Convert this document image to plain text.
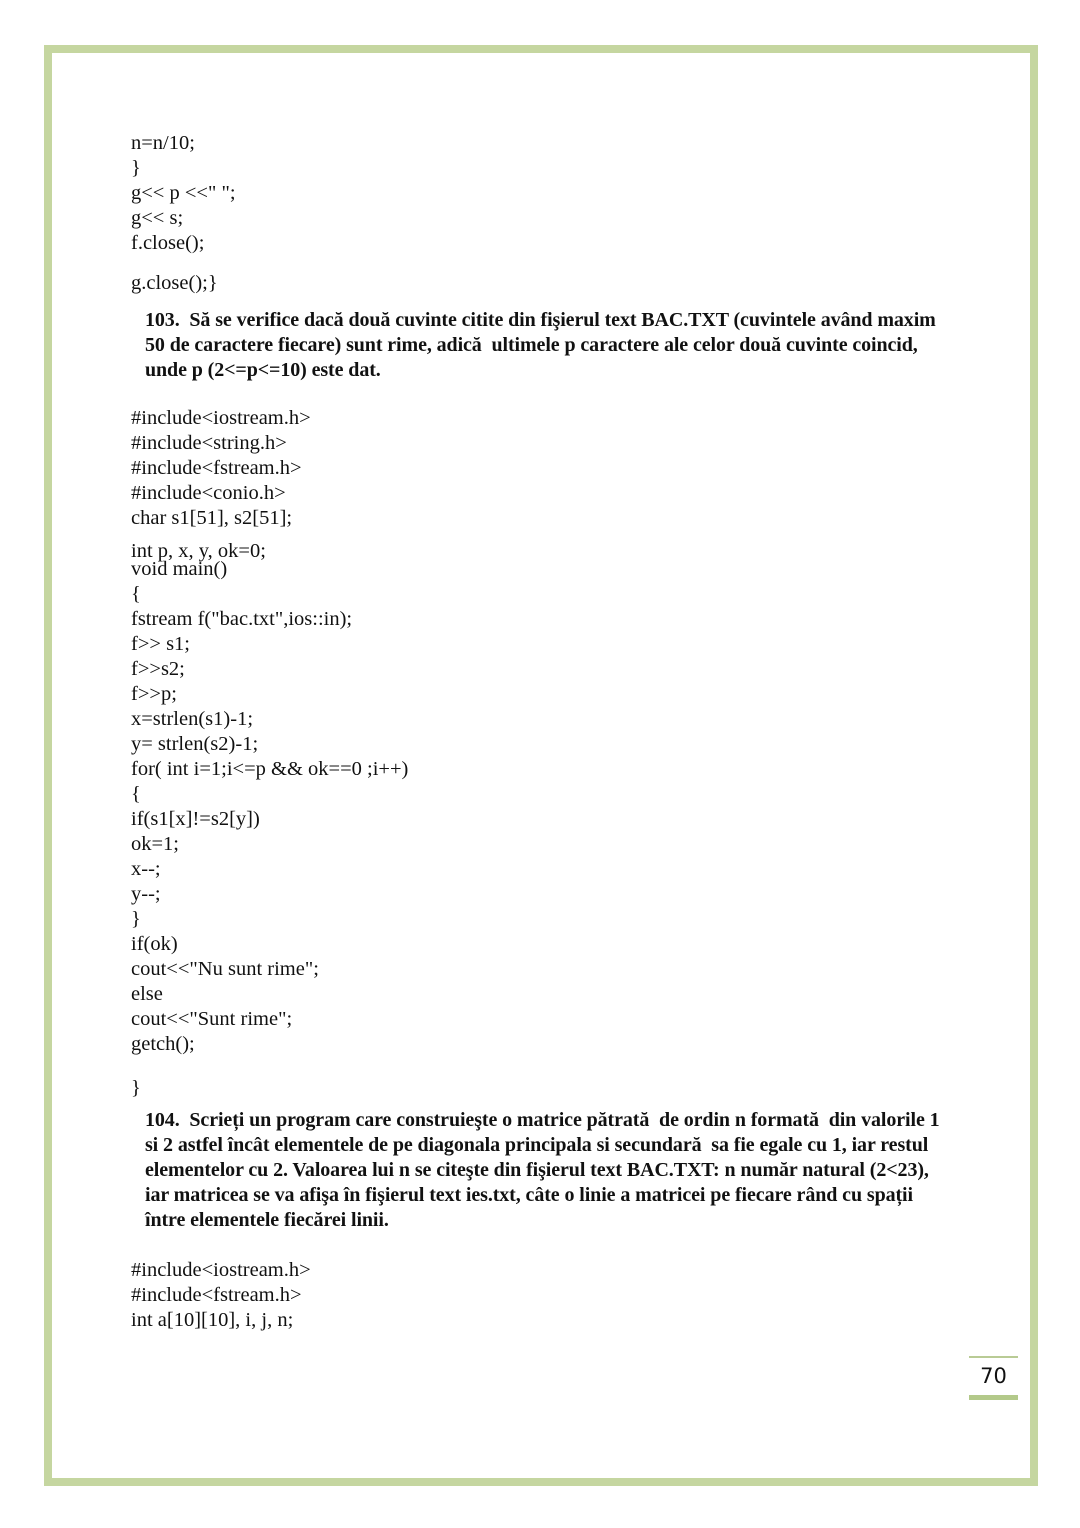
n=n/10;
}
g<< p <<" ";
g<< s;
f.close();
g.close();}
103.  Să se verifice dacă două cuvinte citite din fişierul text BAC.TXT (cuvintele având maxim
50 de caractere fiecare) sunt rime, adică  ultimele p caractere ale celor două cuvinte coincid,
unde p (2<=p<=10) este dat.
#include<iostream.h>
#include<string.h>
#include<fstream.h>
#include<conio.h>
char s1[51], s2[51];
int p, x, y, ok=0;
void main()
{
fstream f("bac.txt",ios::in);
f>> s1;
f>>s2;
f>>p;
x=strlen(s1)-1;
y= strlen(s2)-1;
for( int i=1;i<=p && ok==0 ;i++)
{
if(s1[x]!=s2[y])
ok=1;
x--;
y--;
}
if(ok)
cout<<"Nu sunt rime";
else
cout<<"Sunt rime";
getch();
}
104.  Scrieți un program care construieşte o matrice pătrată  de ordin n formată  din valorile 1
si 2 astfel încât elementele de pe diagonala principala si secundară  sa fie egale cu 1, iar restul
elementelor cu 2. Valoarea lui n se citeşte din fişierul text BAC.TXT: n număr natural (2<23),
iar matricea se va afişa în fişierul text ies.txt, câte o linie a matricei pe fiecare rând cu spații
între elementele fiecărei linii.
#include<iostream.h>
#include<fstream.h>
int a[10][10], i, j, n;
70
